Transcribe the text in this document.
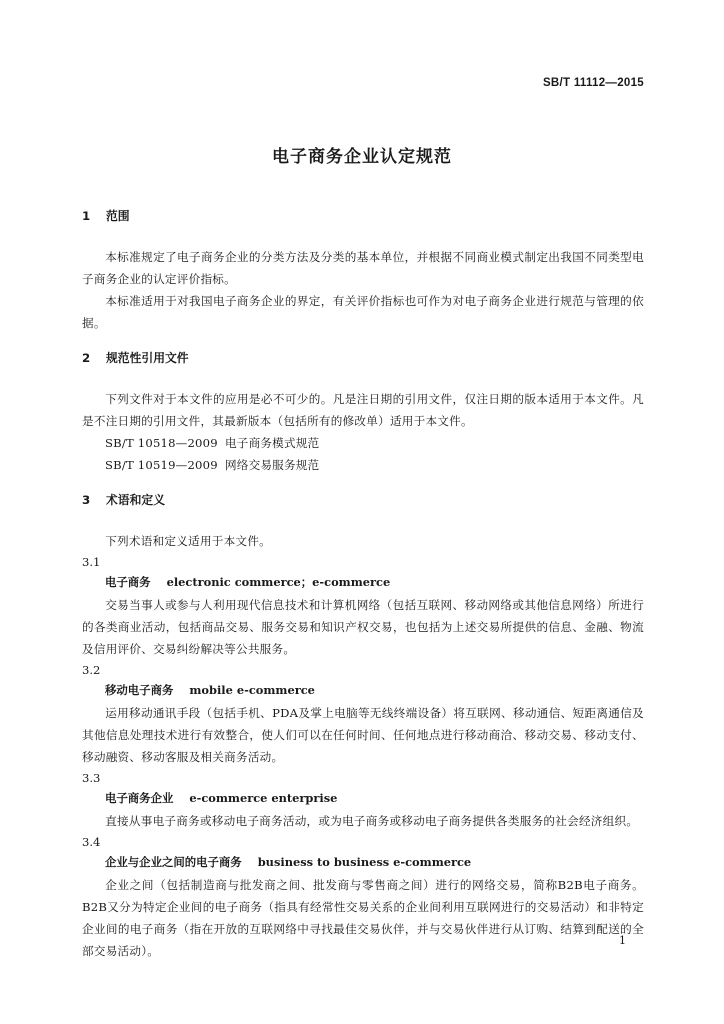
SB/T 11112—2015
电子商务企业认定规范
1 范围

本标准规定了电子商务企业的分类方法及分类的基本单位，并根据不同商业模式制定出我国不同类型电子商务企业的认定评价指标。

本标准适用于对我国电子商务企业的界定，有关评价指标也可作为对电子商务企业进行规范与管理的依据。

2 规范性引用文件

下列文件对于本文件的应用是必不可少的。凡是注日期的引用文件，仅注日期的版本适用于本文件。凡是不注日期的引用文件，其最新版本（包括所有的修改单）适用于本文件。

SB/T 10518—2009 电子商务模式规范

SB/T 10519—2009 网络交易服务规范

3 术语和定义

下列术语和定义适用于本文件。

3.1
电子商务 electronic commerce；e-commerce

交易当事人或参与人利用现代信息技术和计算机网络（包括互联网、移动网络或其他信息网络）所进行的各类商业活动，包括商品交易、服务交易和知识产权交易，也包括为上述交易所提供的信息、金融、物流及信用评价、交易纠纷解决等公共服务。

3.2
移动电子商务 mobile e-commerce

运用移动通讯手段（包括手机、PDA及掌上电脑等无线终端设备）将互联网、移动通信、短距离通信及其他信息处理技术进行有效整合，使人们可以在任何时间、任何地点进行移动商洽、移动交易、移动支付、移动融资、移动客服及相关商务活动。

3.3
电子商务企业 e-commerce enterprise

直接从事电子商务或移动电子商务活动，或为电子商务或移动电子商务提供各类服务的社会经济组织。

3.4
企业与企业之间的电子商务 business to business e-commerce

企业之间（包括制造商与批发商之间、批发商与零售商之间）进行的网络交易，简称B2B电子商务。B2B又分为特定企业间的电子商务（指具有经常性交易关系的企业间利用互联网进行的交易活动）和非特定企业间的电子商务（指在开放的互联网络中寻找最佳交易伙伴，并与交易伙伴进行从订购、结算到配送的全部交易活动）。

1
